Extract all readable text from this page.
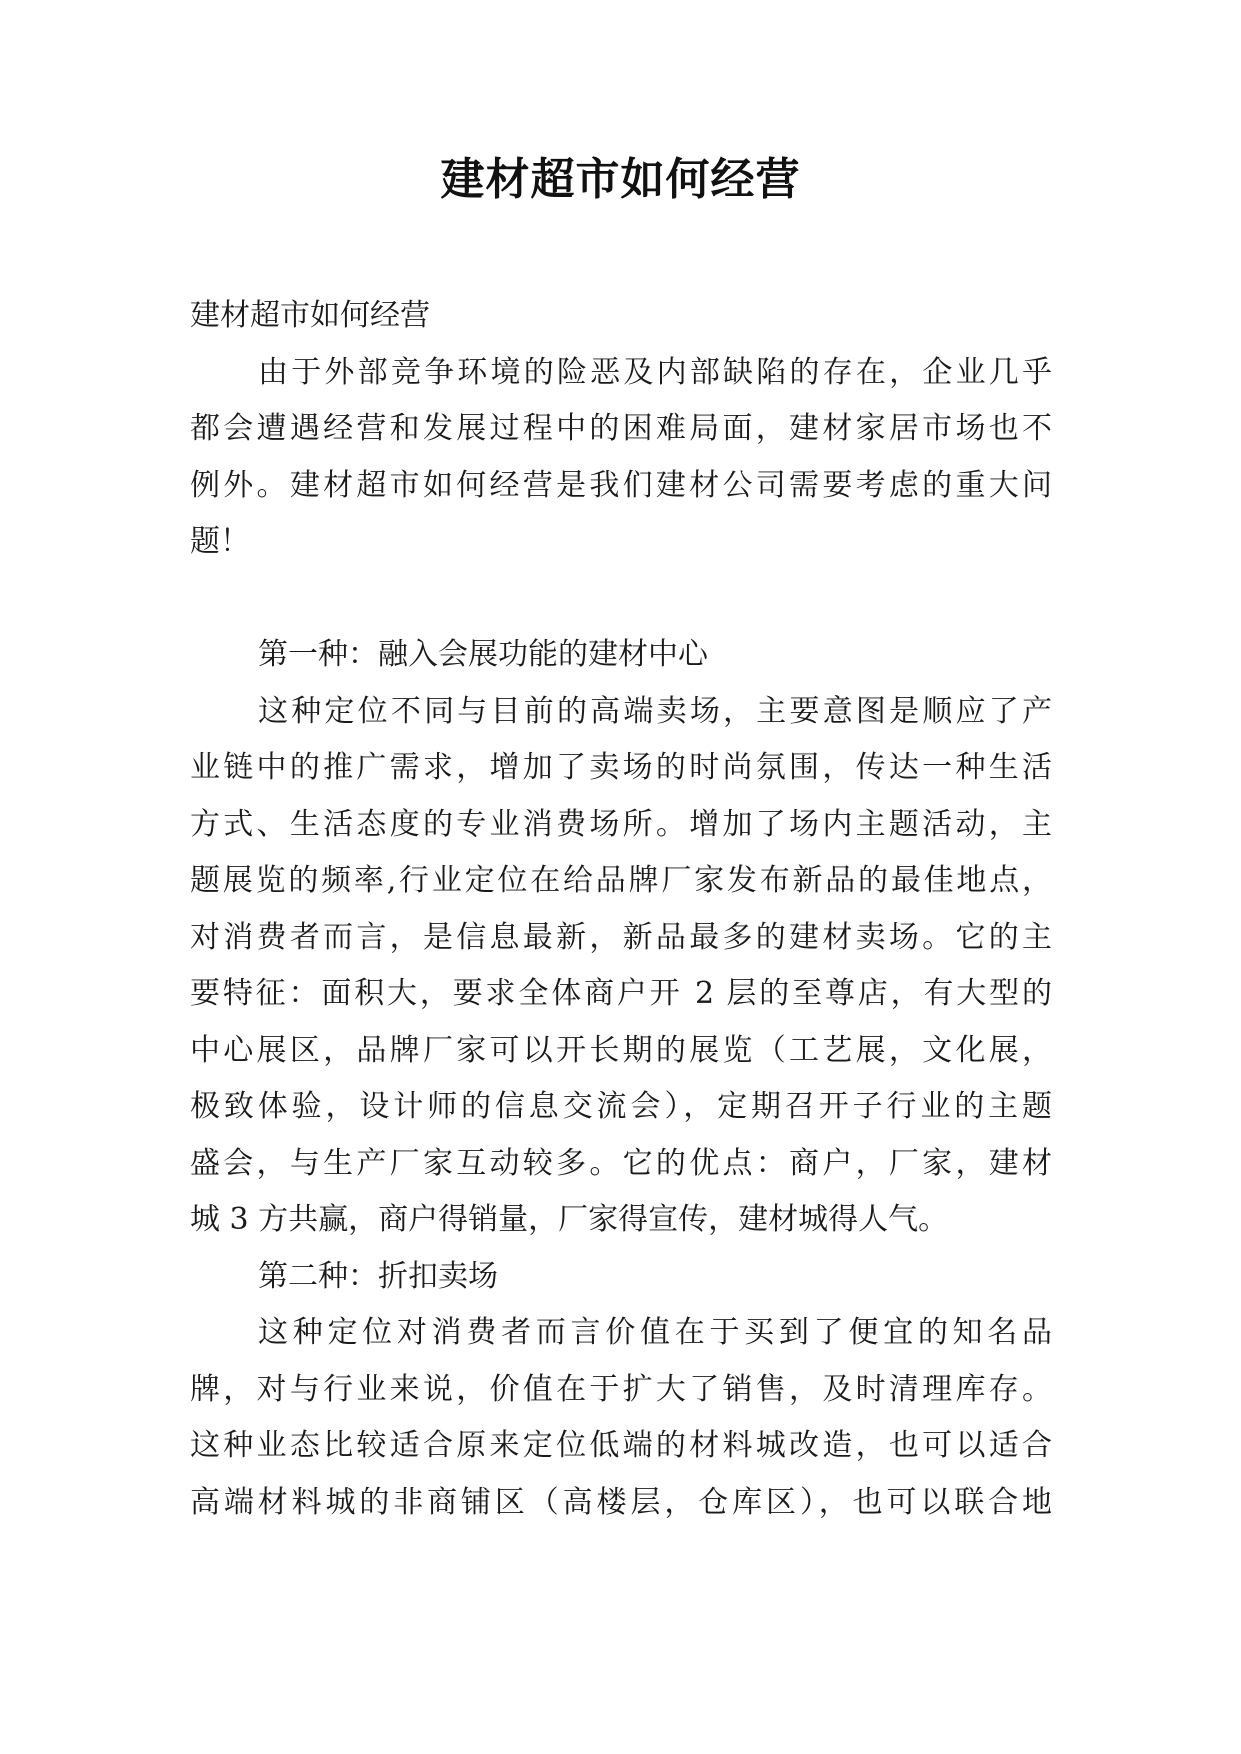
建材超市如何经营

建材超市如何经营

由于外部竞争环境的险恶及内部缺陷的存在，企业几乎

都会遭遇经营和发展过程中的困难局面，建材家居市场也不

例外。建材超市如何经营是我们建材公司需要考虑的重大问

题！

第一种：融入会展功能的建材中心

这种定位不同与目前的高端卖场，主要意图是顺应了产

业链中的推广需求，增加了卖场的时尚氛围，传达一种生活

方式、生活态度的专业消费场所。增加了场内主题活动，主

题展览的频率,行业定位在给品牌厂家发布新品的最佳地点，

对消费者而言，是信息最新，新品最多的建材卖场。它的主

要特征：面积大，要求全体商户开 2 层的至尊店，有大型的

中心展区，品牌厂家可以开长期的展览（工艺展，文化展，

极致体验，设计师的信息交流会），定期召开子行业的主题

盛会，与生产厂家互动较多。它的优点：商户，厂家，建材

城 3 方共赢，商户得销量，厂家得宣传，建材城得人气。

第二种：折扣卖场

这种定位对消费者而言价值在于买到了便宜的知名品

牌，对与行业来说，价值在于扩大了销售，及时清理库存。

这种业态比较适合原来定位低端的材料城改造，也可以适合

高端材料城的非商铺区（高楼层，仓库区），也可以联合地
